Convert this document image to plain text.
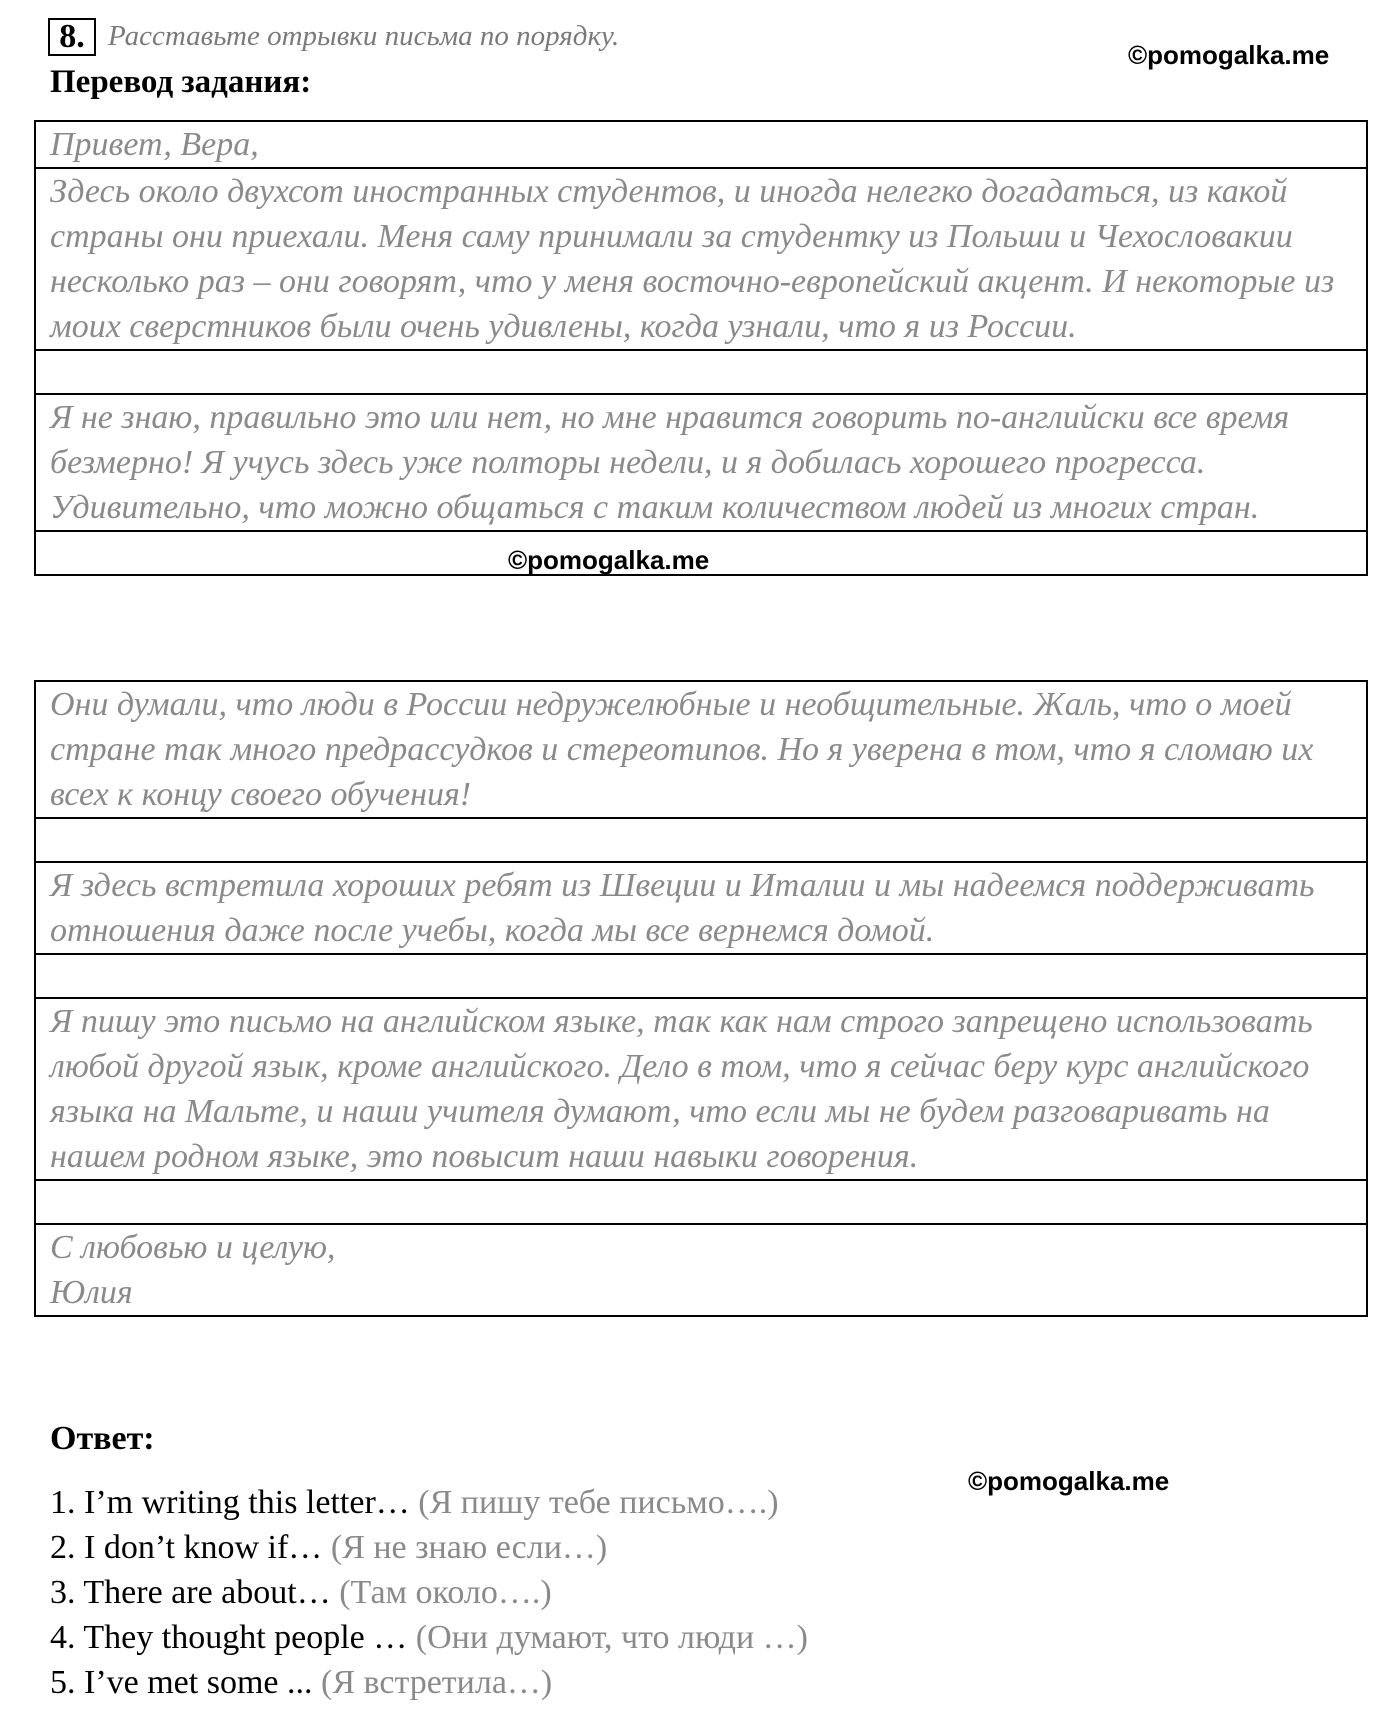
8. Расставьте отрывки письма по порядку.
©pomogalka.me
Перевод задания:
Привет, Вера,
Здесь около двухсот иностранных студентов, и иногда нелегко догадаться, из какой страны они приехали. Меня саму принимали за студентку из Польши и Чехословакии несколько раз – они говорят, что у меня восточно-европейский акцент. И некоторые из моих сверстников были очень удивлены, когда узнали, что я из России.

Я не знаю, правильно это или нет, но мне нравится говорить по-английски все время безмерно! Я учусь здесь уже полторы недели, и я добилась хорошего прогресса. Удивительно, что можно общаться с таким количеством людей из многих стран.

©pomogalka.me
Они думали, что люди в России недружелюбные и необщительные. Жаль, что о моей стране так много предрассудков и стереотипов. Но я уверена в том, что я сломаю их всех к концу своего обучения!

Я здесь встретила хороших ребят из Швеции и Италии и мы надеемся поддерживать отношения даже после учебы, когда мы все вернемся домой.

Я пишу это письмо на английском языке, так как нам строго запрещено использовать любой другой язык, кроме английского. Дело в том, что я сейчас беру курс английского языка на Мальте, и наши учителя думают, что если мы не будем разговаривать на нашем родном языке, это повысит наши навыки говорения.

С любовью и целую,
Юлия
Ответ:
©pomogalka.me
1. I’m writing this letter… (Я пишу тебе письмо….)
2. I don’t know if… (Я не знаю если…)
3. There are about… (Там около….)
4. They thought people … (Они думают, что люди …)
5. I’ve met some ... (Я встретила…)
